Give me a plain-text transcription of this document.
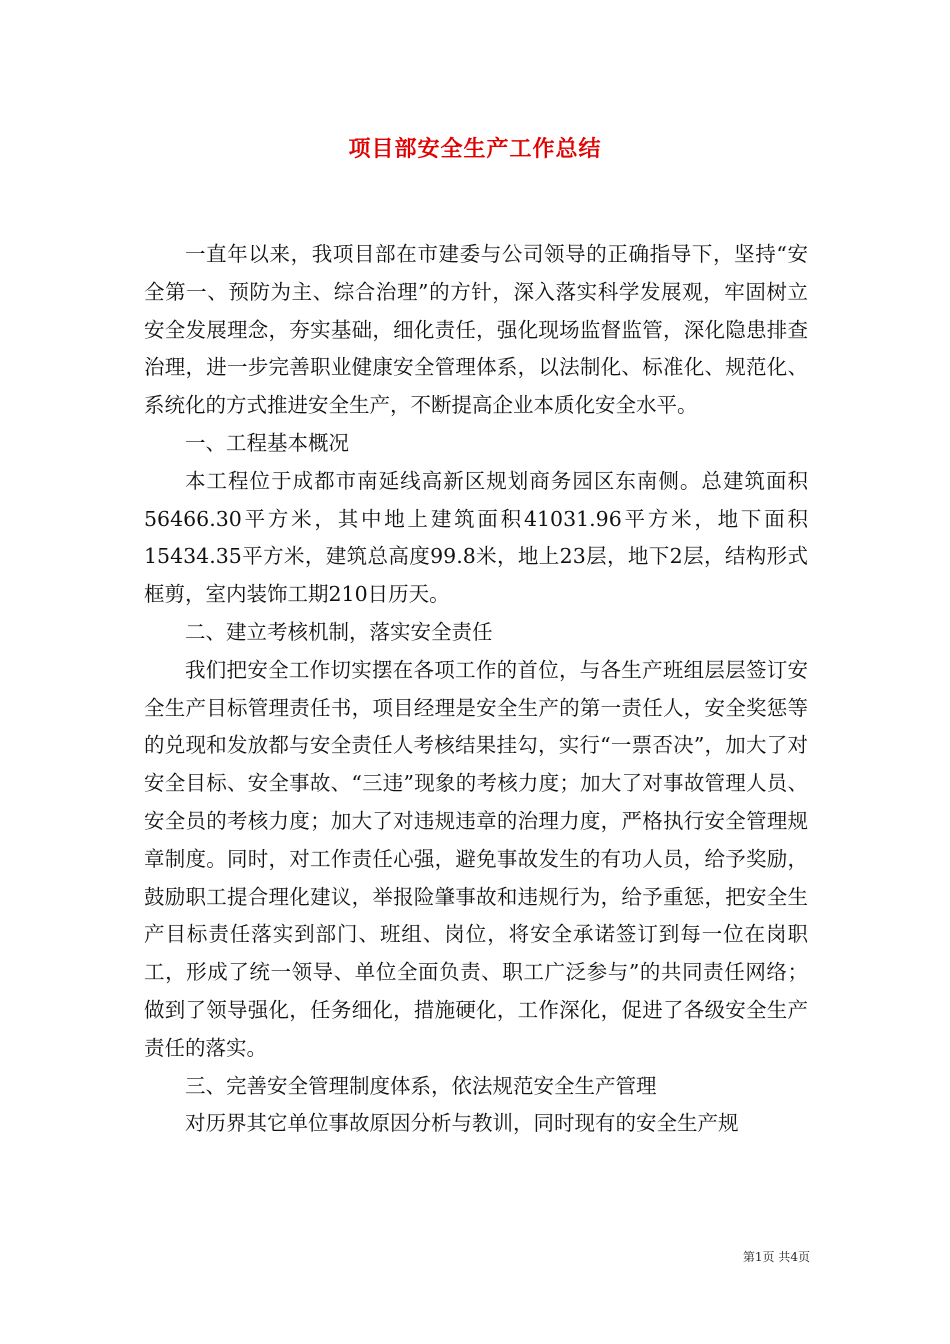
项目部安全生产工作总结

一直年以来，我项目部在市建委与公司领导的正确指导下，坚持“安全第一、预防为主、综合治理”的方针，深入落实科学发展观，牢固树立安全发展理念，夯实基础，细化责任，强化现场监督监管，深化隐患排查治理，进一步完善职业健康安全管理体系，以法制化、标准化、规范化、系统化的方式推进安全生产，不断提高企业本质化安全水平。

一、工程基本概况

本工程位于成都市南延线高新区规划商务园区东南侧。总建筑面积56466.30平方米，其中地上建筑面积41031.96平方米，地下面积15434.35平方米，建筑总高度99.8米，地上23层，地下2层，结构形式框剪，室内装饰工期210日历天。

二、建立考核机制，落实安全责任

我们把安全工作切实摆在各项工作的首位，与各生产班组层层签订安全生产目标管理责任书，项目经理是安全生产的第一责任人，安全奖惩等的兑现和发放都与安全责任人考核结果挂勾，实行“一票否决”，加大了对安全目标、安全事故、“三违”现象的考核力度；加大了对事故管理人员、安全员的考核力度；加大了对违规违章的治理力度，严格执行安全管理规章制度。同时，对工作责任心强，避免事故发生的有功人员，给予奖励，鼓励职工提合理化建议，举报险肇事故和违规行为，给予重惩，把安全生产目标责任落实到部门、班组、岗位，将安全承诺签订到每一位在岗职工，形成了统一领导、单位全面负责、职工广泛参与”的共同责任网络；做到了领导强化，任务细化，措施硬化，工作深化，促进了各级安全生产责任的落实。

三、完善安全管理制度体系，依法规范安全生产管理

对历界其它单位事故原因分析与教训，同时现有的安全生产规

第1页 共4页
